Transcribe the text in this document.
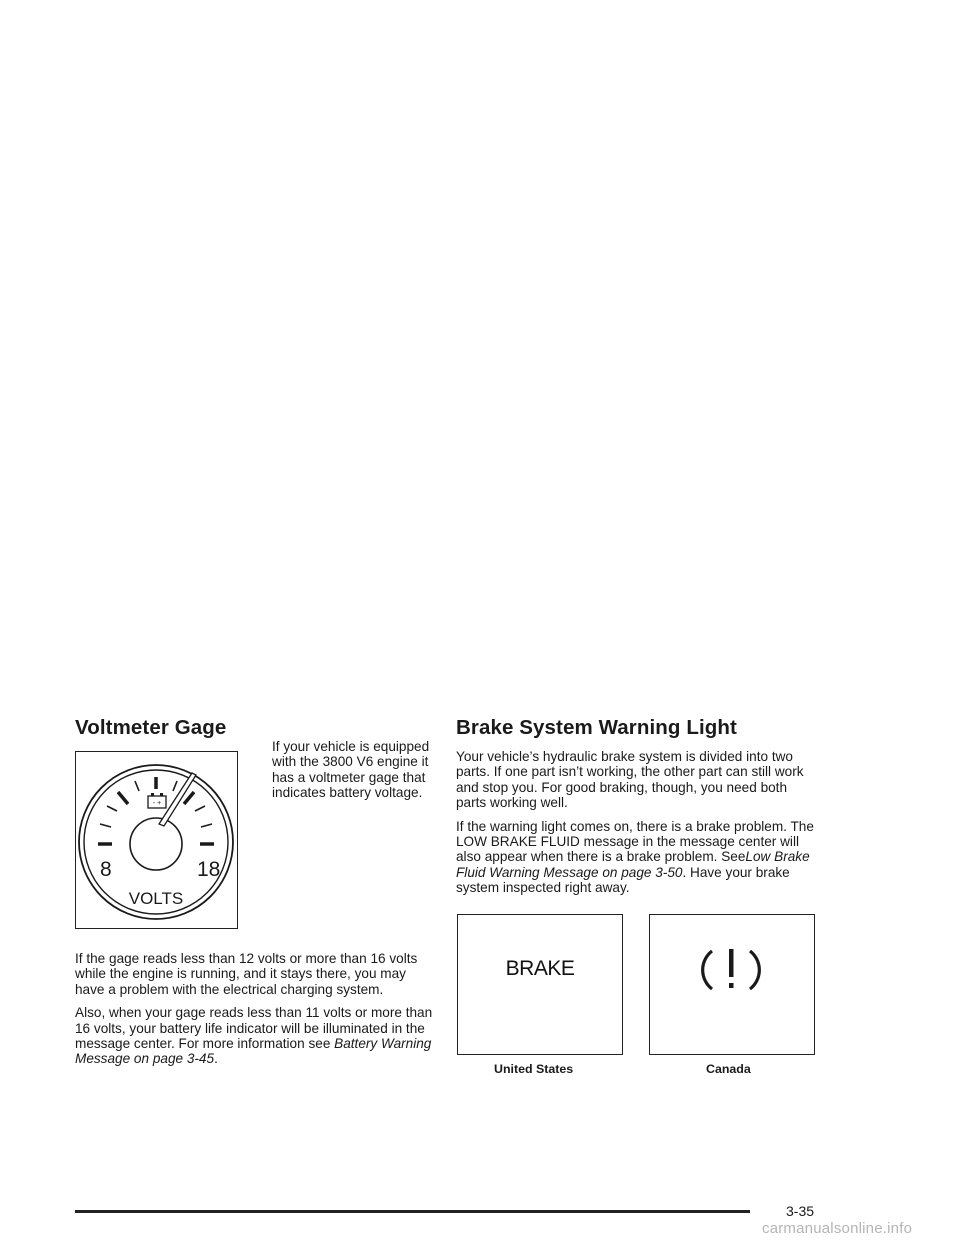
Voltmeter Gage
- +
8	18
VOLTS

If your vehicle is equipped with the 3800 V6 engine it has a voltmeter gage that indicates battery voltage.

If the gage reads less than 12 volts or more than 16 volts while the engine is running, and it stays there, you may have a problem with the electrical charging system.

Also, when your gage reads less than 11 volts or more than 16 volts, your battery life indicator will be illuminated in the message center. For more information see Battery Warning Message on page 3-45.

Brake System Warning Light

Your vehicle’s hydraulic brake system is divided into two parts. If one part isn’t working, the other part can still work and stop you. For good braking, though, you need both parts working well.

If the warning light comes on, there is a brake problem. The LOW BRAKE FLUID message in the message center will also appear when there is a brake problem. SeeLow Brake Fluid Warning Message on page 3-50. Have your brake system inspected right away.

BRAKE
United States	Canada
3-35
carmanualsonline.info
